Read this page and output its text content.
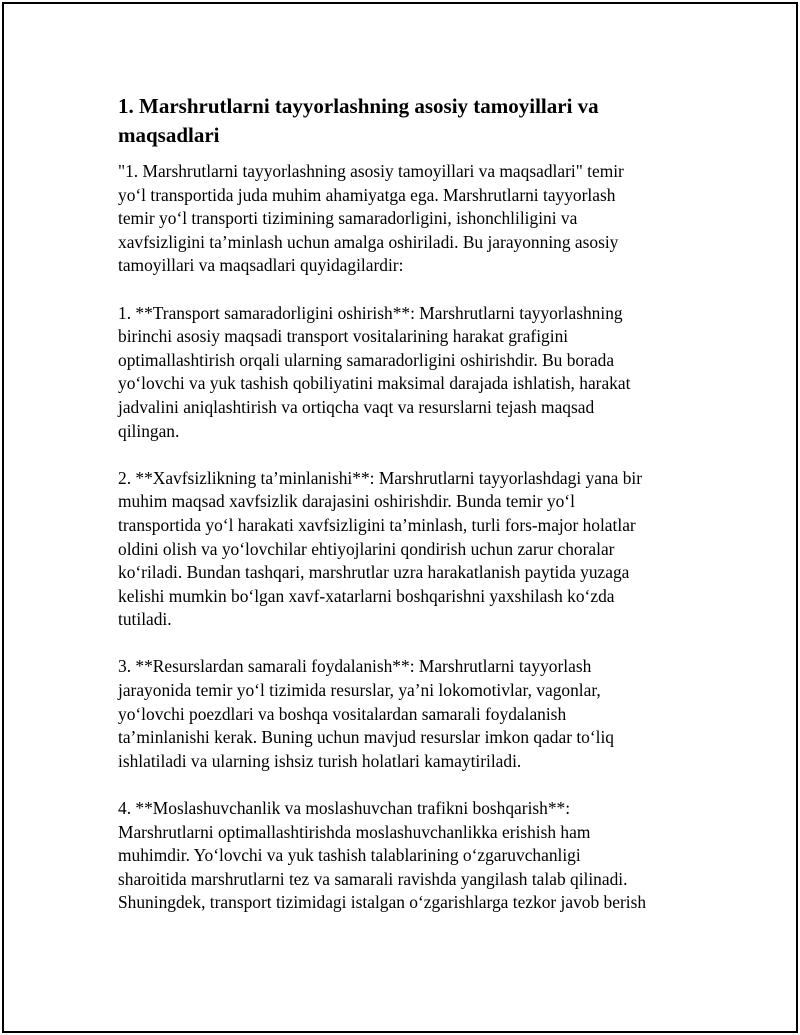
1. Marshrutlarni tayyorlashning asosiy tamoyillari va
maqsadlari

"1. Marshrutlarni tayyorlashning asosiy tamoyillari va maqsadlari" temir
yo‘l transportida juda muhim ahamiyatga ega. Marshrutlarni tayyorlash
temir yo‘l transporti tizimining samaradorligini, ishonchliligini va
xavfsizligini ta’minlash uchun amalga oshiriladi. Bu jarayonning asosiy
tamoyillari va maqsadlari quyidagilardir:

1. **Transport samaradorligini oshirish**: Marshrutlarni tayyorlashning
birinchi asosiy maqsadi transport vositalarining harakat grafigini
optimallashtirish orqali ularning samaradorligini oshirishdir. Bu borada
yo‘lovchi va yuk tashish qobiliyatini maksimal darajada ishlatish, harakat
jadvalini aniqlashtirish va ortiqcha vaqt va resurslarni tejash maqsad
qilingan.

2. **Xavfsizlikning ta’minlanishi**: Marshrutlarni tayyorlashdagi yana bir
muhim maqsad xavfsizlik darajasini oshirishdir. Bunda temir yo‘l
transportida yo‘l harakati xavfsizligini ta’minlash, turli fors-major holatlar
oldini olish va yo‘lovchilar ehtiyojlarini qondirish uchun zarur choralar
ko‘riladi. Bundan tashqari, marshrutlar uzra harakatlanish paytida yuzaga
kelishi mumkin bo‘lgan xavf-xatarlarni boshqarishni yaxshilash ko‘zda
tutiladi.

3. **Resurslardan samarali foydalanish**: Marshrutlarni tayyorlash
jarayonida temir yo‘l tizimida resurslar, ya’ni lokomotivlar, vagonlar,
yo‘lovchi poezdlari va boshqa vositalardan samarali foydalanish
ta’minlanishi kerak. Buning uchun mavjud resurslar imkon qadar to‘liq
ishlatiladi va ularning ishsiz turish holatlari kamaytiriladi.

4. **Moslashuvchanlik va moslashuvchan trafikni boshqarish**:
Marshrutlarni optimallashtirishda moslashuvchanlikka erishish ham
muhimdir. Yo‘lovchi va yuk tashish talablarining o‘zgaruvchanligi
sharoitida marshrutlarni tez va samarali ravishda yangilash talab qilinadi.
Shuningdek, transport tizimidagi istalgan o‘zgarishlarga tezkor javob berish
